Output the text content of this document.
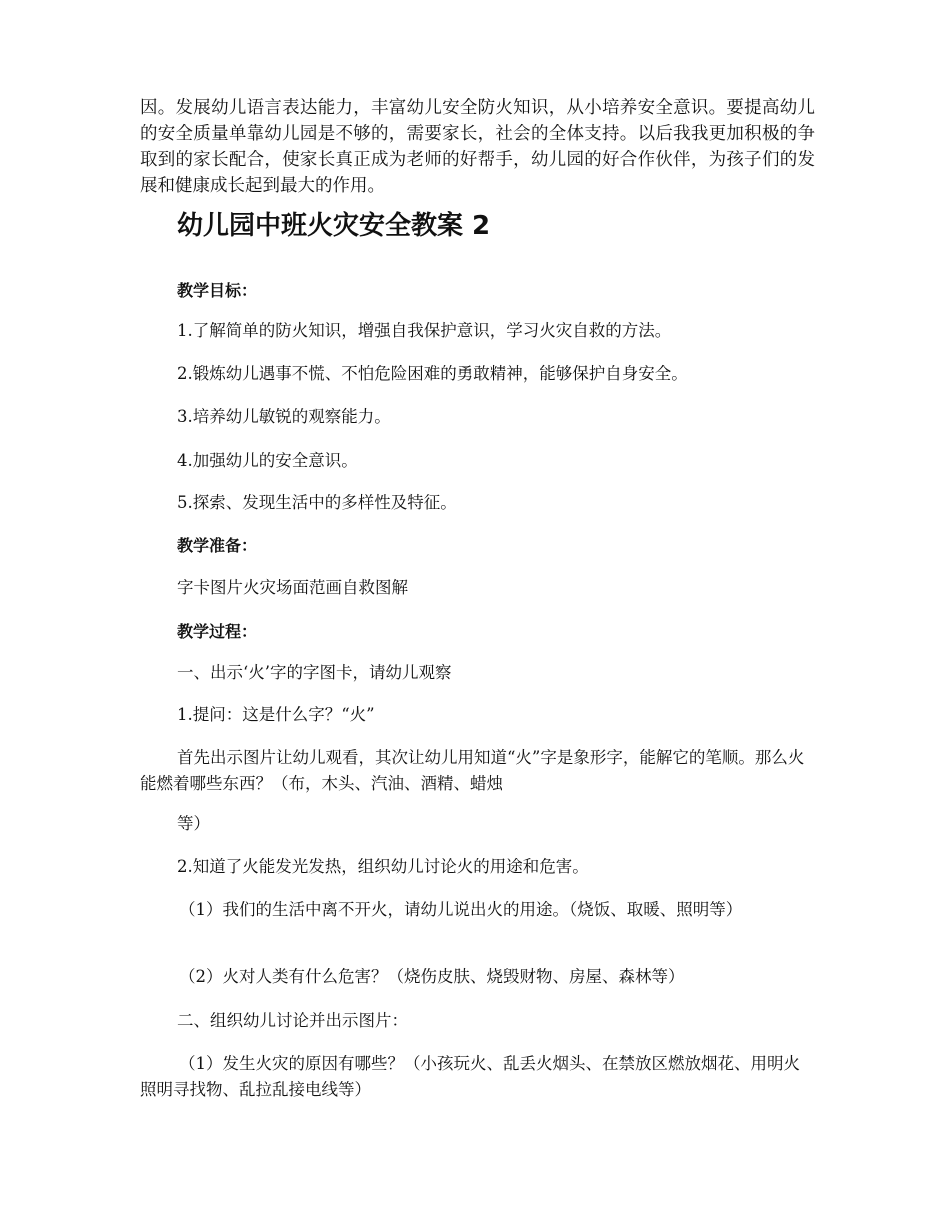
因。发展幼儿语言表达能力，丰富幼儿安全防火知识，从小培养安全意识。要提高幼儿的安全质量单靠幼儿园是不够的，需要家长，社会的全体支持。以后我我更加积极的争取到的家长配合，使家长真正成为老师的好帮手，幼儿园的好合作伙伴，为孩子们的发展和健康成长起到最大的作用。

幼儿园中班火灾安全教案 2

教学目标：

1.了解简单的防火知识，增强自我保护意识，学习火灾自救的方法。

2.锻炼幼儿遇事不慌、不怕危险困难的勇敢精神，能够保护自身安全。

3.培养幼儿敏锐的观察能力。

4.加强幼儿的安全意识。

5.探索、发现生活中的多样性及特征。

教学准备：

字卡图片火灾场面范画自救图解

教学过程：

一、出示‘火’字的字图卡，请幼儿观察

1.提问：这是什么字？“火”

首先出示图片让幼儿观看，其次让幼儿用知道“火”字是象形字，能解它的笔顺。那么火能燃着哪些东西？（布，木头、汽油、酒精、蜡烛

等）

2.知道了火能发光发热，组织幼儿讨论火的用途和危害。

（1）我们的生活中离不开火，请幼儿说出火的用途。（烧饭、取暖、照明等）

（2）火对人类有什么危害？（烧伤皮肤、烧毁财物、房屋、森林等）

二、组织幼儿讨论并出示图片：

（1）发生火灾的原因有哪些？（小孩玩火、乱丢火烟头、在禁放区燃放烟花、用明火照明寻找物、乱拉乱接电线等）
